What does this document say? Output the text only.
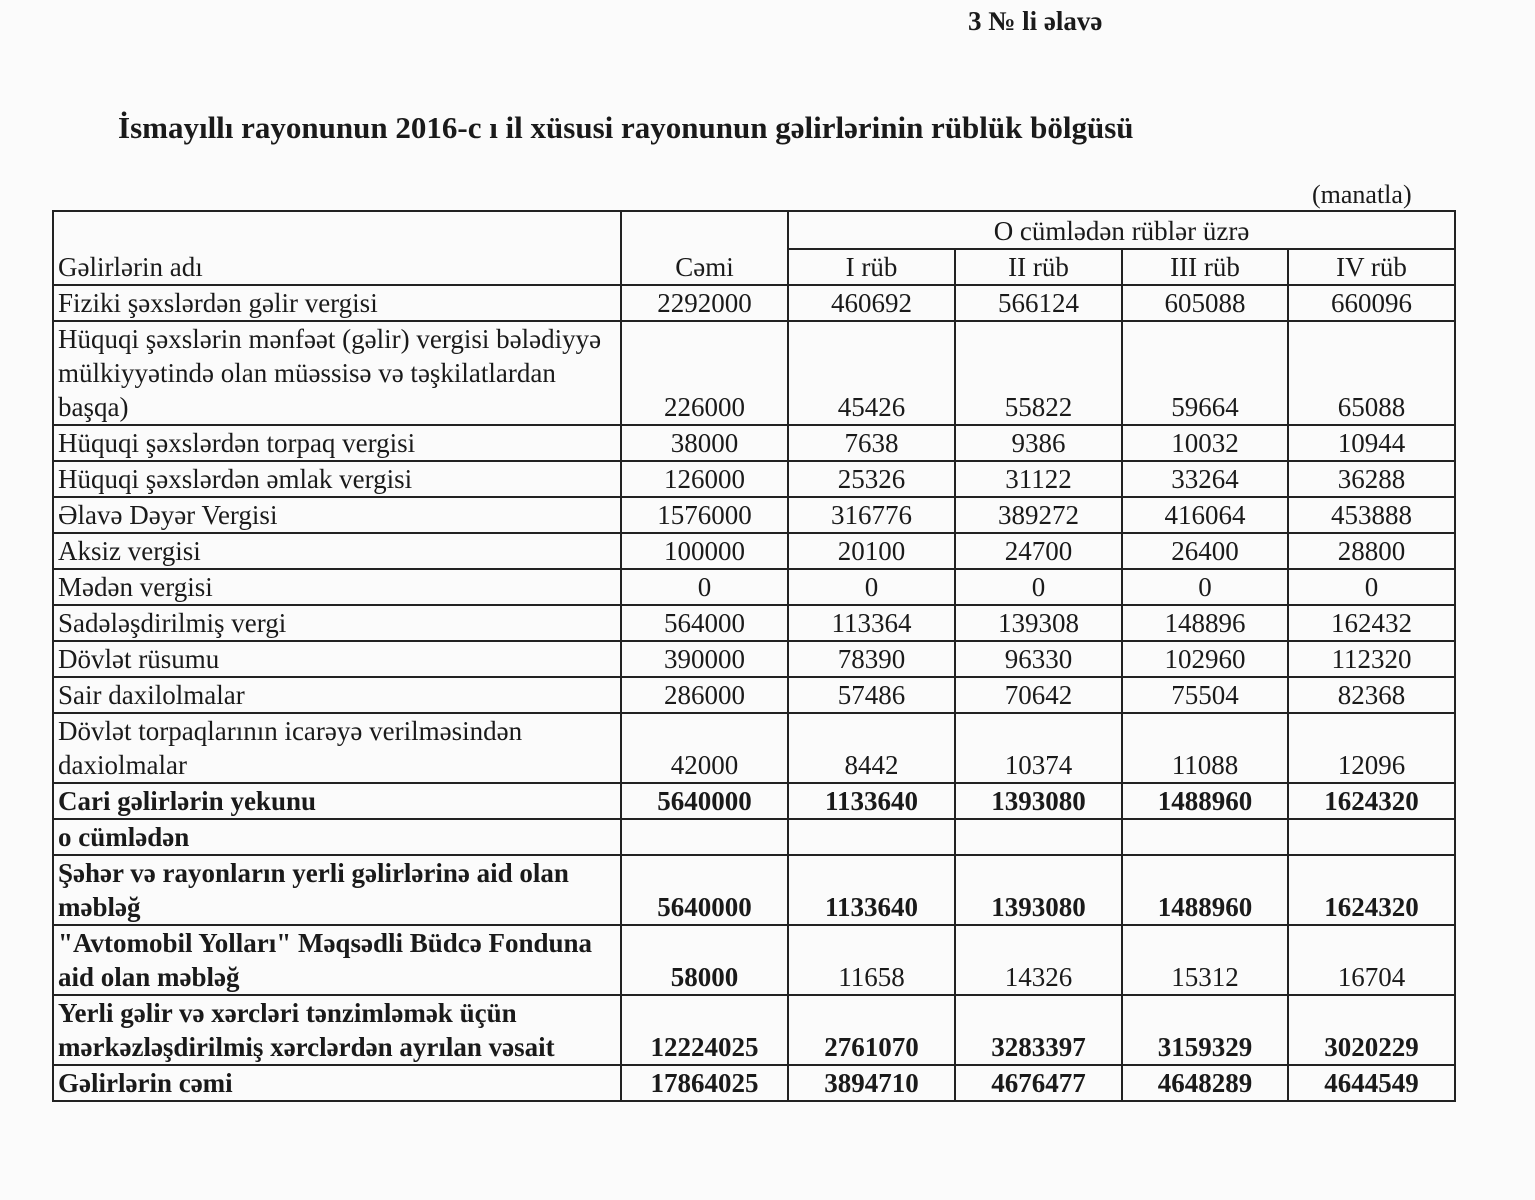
3 № li əlavə
İsmayıllı rayonunun 2016-c ı il xüsusi rayonunun gəlirlərinin rüblük bölgüsü
(manatla)
Gəlirlərin adı	Cəmi	O cümlədən rüblər üzrə			
		I rüb	II rüb	III rüb	IV rüb
Fiziki şəxslərdən gəlir vergisi	2292000	460692	566124	605088	660096
Hüquqi şəxslərin mənfəət (gəlir) vergisi bələdiyyə mülkiyyətində olan müəssisə və təşkilatlardan başqa)	226000	45426	55822	59664	65088
Hüquqi şəxslərdən torpaq vergisi	38000	7638	9386	10032	10944
Hüquqi şəxslərdən əmlak vergisi	126000	25326	31122	33264	36288
Əlavə Dəyər Vergisi	1576000	316776	389272	416064	453888
Aksiz vergisi	100000	20100	24700	26400	28800
Mədən vergisi	0	0	0	0	0
Sadələşdirilmiş vergi	564000	113364	139308	148896	162432
Dövlət rüsumu	390000	78390	96330	102960	112320
Sair daxilolmalar	286000	57486	70642	75504	82368
Dövlət torpaqlarının icarəyə verilməsindən daxiolmalar	42000	8442	10374	11088	12096
Cari gəlirlərin yekunu	5640000	1133640	1393080	1488960	1624320
o cümlədən					
Şəhər və rayonların yerli gəlirlərinə aid olan məbləğ	5640000	1133640	1393080	1488960	1624320
"Avtomobil Yolları" Məqsədli Büdcə Fonduna aid olan məbləğ	58000	11658	14326	15312	16704
Yerli gəlir və xərcləri tənzimləmək üçün mərkəzləşdirilmiş xərclərdən ayrılan vəsait	12224025	2761070	3283397	3159329	3020229
Gəlirlərin cəmi	17864025	3894710	4676477	4648289	4644549
